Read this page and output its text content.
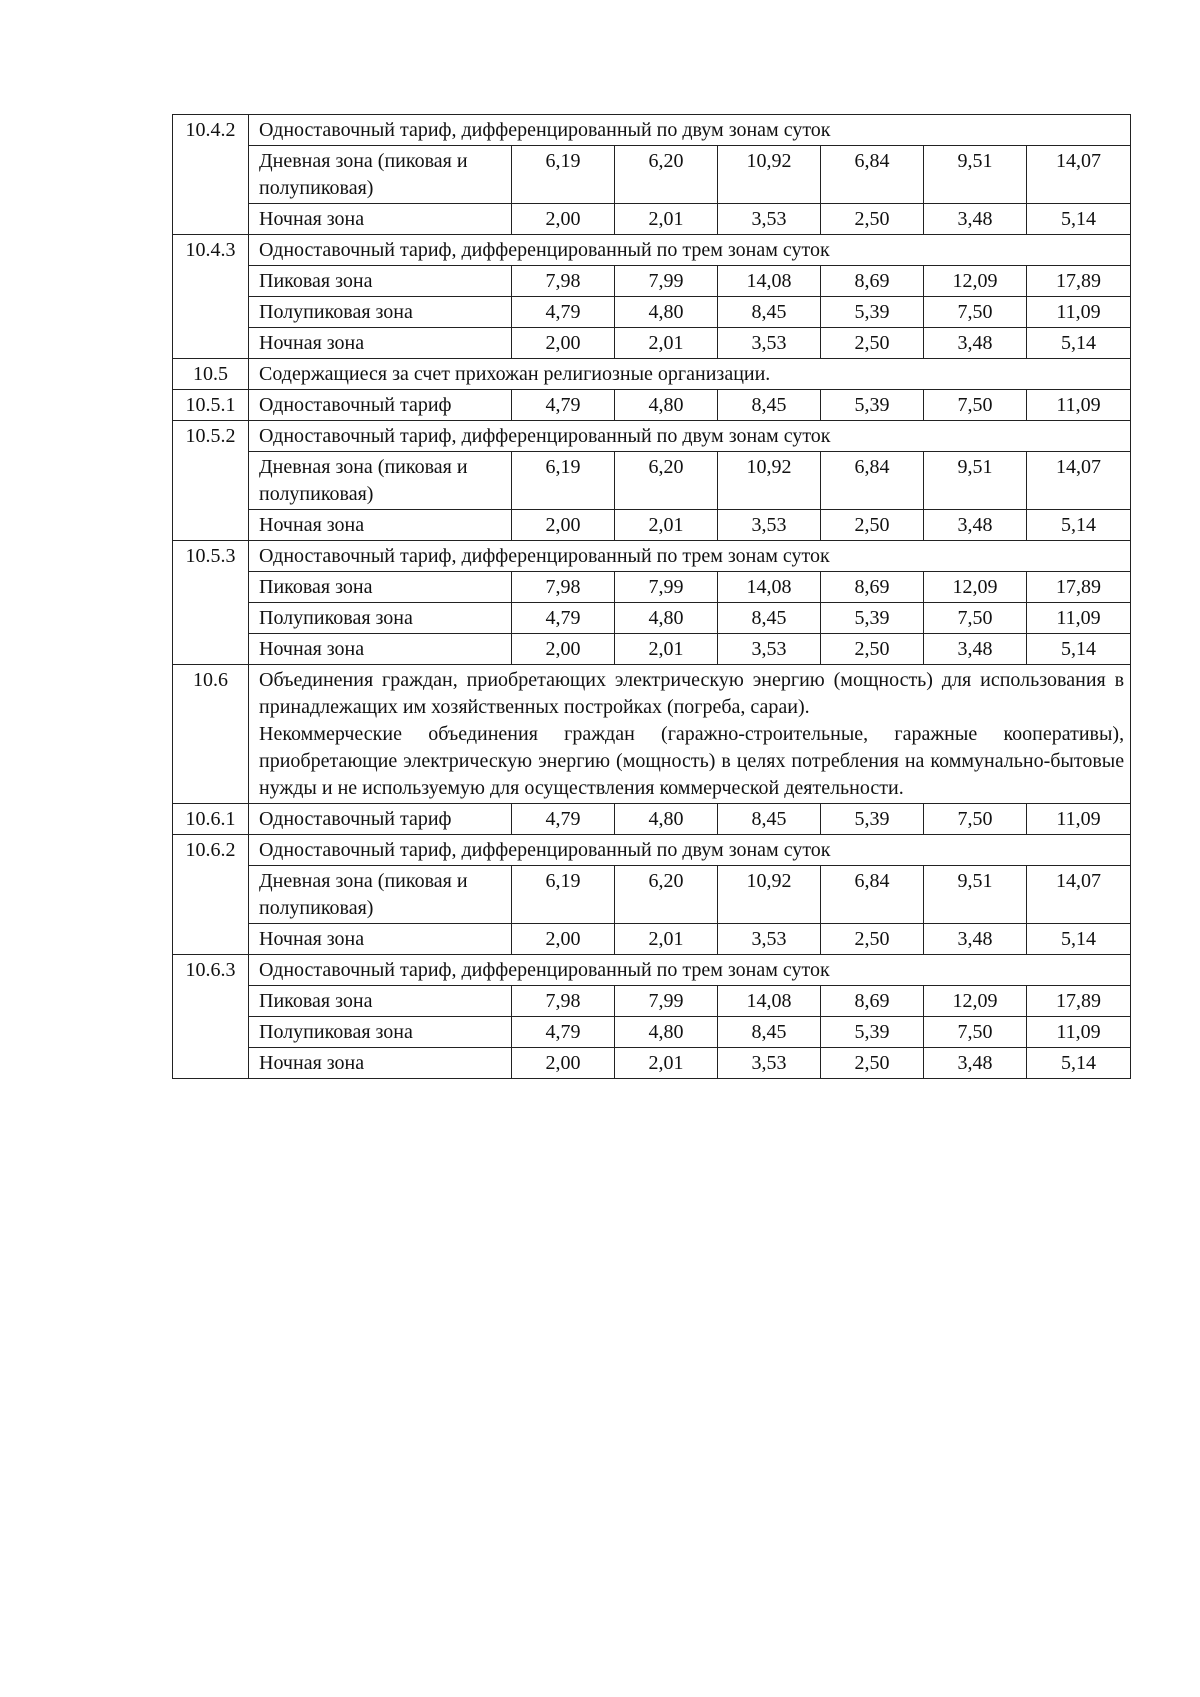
10.4.2	Одноставочный тариф, дифференцированный по двум зонам суток						
	Дневная зона (пиковая и полупиковая)	6,19	6,20	10,92	6,84	9,51	14,07
	Ночная зона	2,00	2,01	3,53	2,50	3,48	5,14
10.4.3	Одноставочный тариф, дифференцированный по трем зонам суток						
	Пиковая зона	7,98	7,99	14,08	8,69	12,09	17,89
	Полупиковая зона	4,79	4,80	8,45	5,39	7,50	11,09
	Ночная зона	2,00	2,01	3,53	2,50	3,48	5,14
10.5	Содержащиеся за счет прихожан религиозные организации.						
10.5.1	Одноставочный тариф	4,79	4,80	8,45	5,39	7,50	11,09
10.5.2	Одноставочный тариф, дифференцированный по двум зонам суток						
	Дневная зона (пиковая и полупиковая)	6,19	6,20	10,92	6,84	9,51	14,07
	Ночная зона	2,00	2,01	3,53	2,50	3,48	5,14
10.5.3	Одноставочный тариф, дифференцированный по трем зонам суток						
	Пиковая зона	7,98	7,99	14,08	8,69	12,09	17,89
	Полупиковая зона	4,79	4,80	8,45	5,39	7,50	11,09
	Ночная зона	2,00	2,01	3,53	2,50	3,48	5,14
10.6	Объединения граждан, приобретающих электрическую энергию (мощность) для использования в принадлежащих им хозяйственных постройках (погреба, сараи).
Некоммерческие объединения граждан (гаражно-строительные, гаражные кооперативы), приобретающие электрическую энергию (мощность) в целях потребления на коммунально-бытовые нужды и не используемую для осуществления коммерческой деятельности.						

10.6.1	Одноставочный тариф	4,79	4,80	8,45	5,39	7,50	11,09
10.6.2	Одноставочный тариф, дифференцированный по двум зонам суток						
	Дневная зона (пиковая и полупиковая)	6,19	6,20	10,92	6,84	9,51	14,07
	Ночная зона	2,00	2,01	3,53	2,50	3,48	5,14
10.6.3	Одноставочный тариф, дифференцированный по трем зонам суток						
	Пиковая зона	7,98	7,99	14,08	8,69	12,09	17,89
	Полупиковая зона	4,79	4,80	8,45	5,39	7,50	11,09
	Ночная зона	2,00	2,01	3,53	2,50	3,48	5,14
